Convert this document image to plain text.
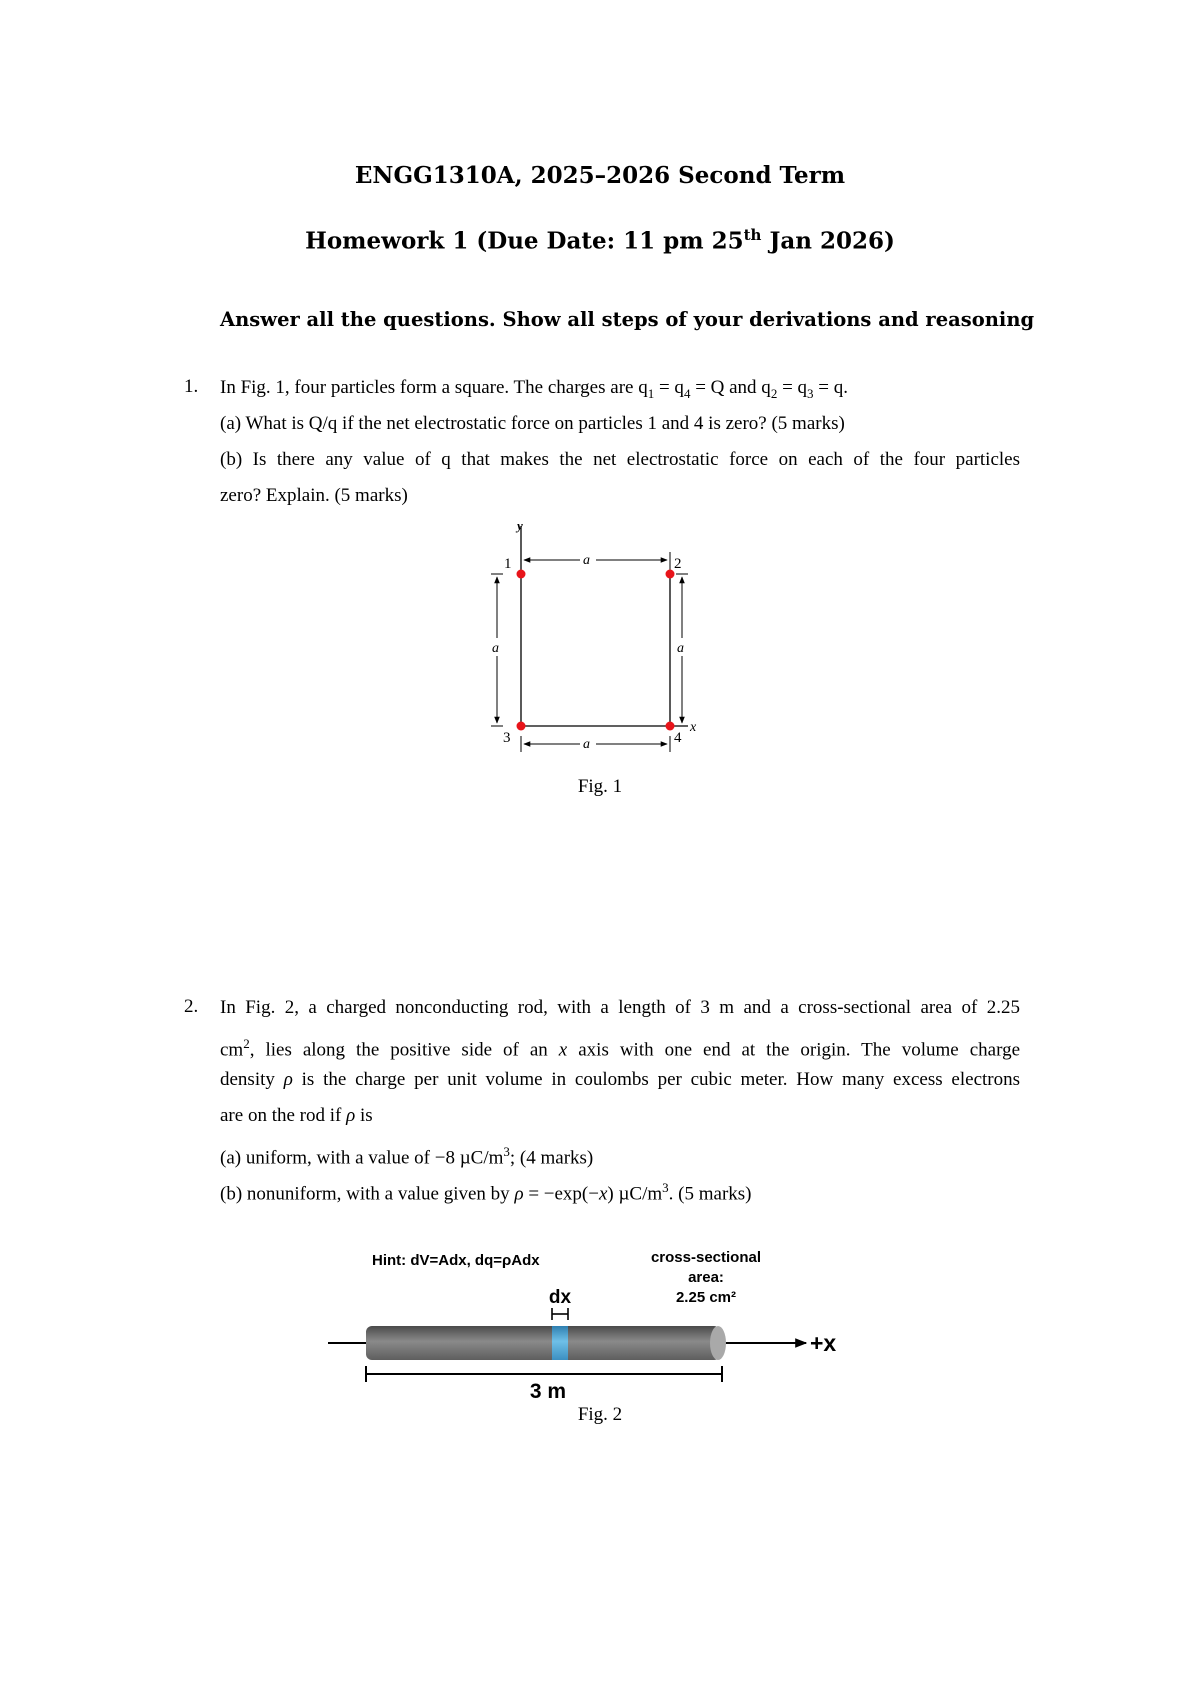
ENGG1310A, 2025–2026 Second Term
Homework 1 (Due Date: 11 pm 25th Jan 2026)
Answer all the questions. Show all steps of your derivations and reasoning
1. In Fig. 1, four particles form a square. The charges are $q_1 = q_4 = Q$ and $q_2 = q_3 = q$.
(a) What is Q/q if the net electrostatic force on particles 1 and 4 is zero? (5 marks)
(b) Is there any value of q that makes the net electrostatic force on each of the four particles
zero? Explain. (5 marks)
y
x
a
a	a
a
1	2
3	4
Fig. 1
2. In Fig. 2, a charged nonconducting rod, with a length of 3 m and a cross-sectional area of 2.25
$cm^2$, lies along the positive side of an x axis with one end at the origin. The volume charge
density ρ is the charge per unit volume in coulombs per cubic meter. How many excess electrons
are on the rod if ρ is
(a) uniform, with a value of −8 $\mu C/m^3$; (4 marks)
(b) nonuniform, with a value given by ρ = −exp(−x) $\mu C/m^3$. (5 marks)
Hint: dV=Adx, dq=ρAdx	cross-sectional
area:
2.25 cm²
dx
+x
3 m
Fig. 2
